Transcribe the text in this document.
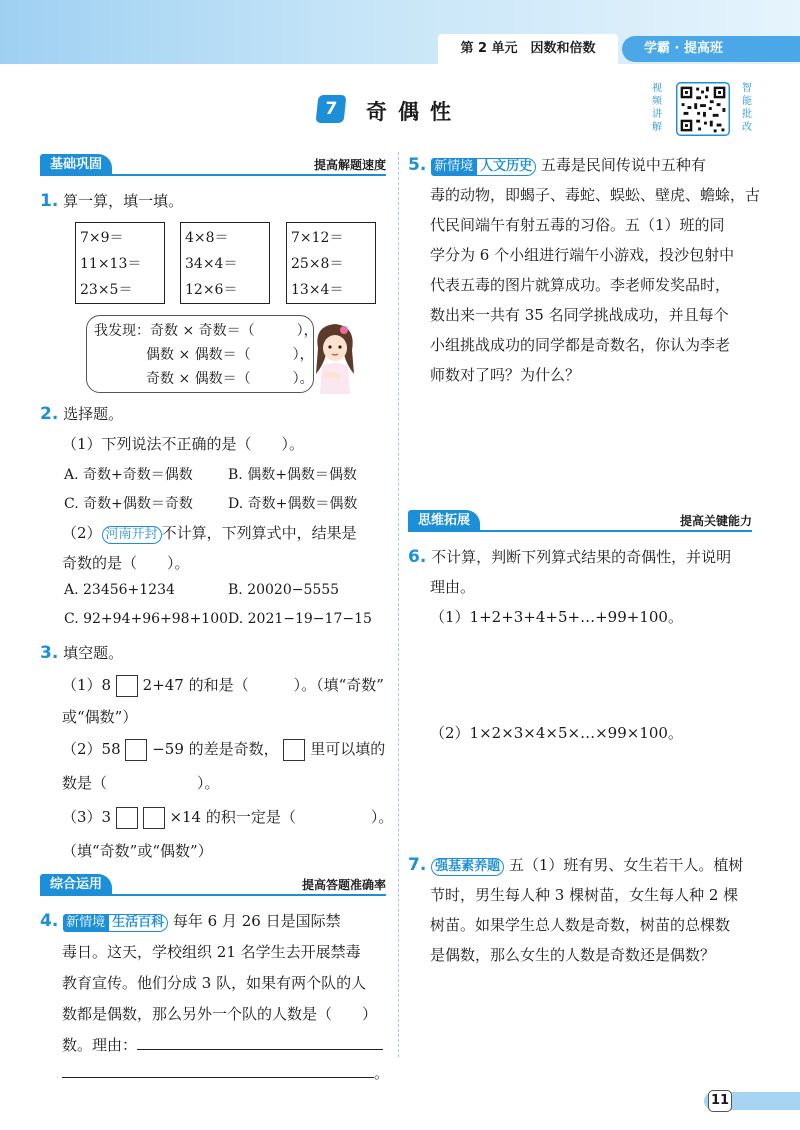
第 2 单元　因数和倍数	学霸 · 提高班
7	奇偶性
视频讲解
智能批改
基础巩固	提高解题速度
1. 算一算，填一填。
7×9＝
11×13＝
23×5＝
4×8＝
34×4＝
12×6＝
7×12＝
25×8＝
13×4＝
我发现：奇数 × 奇数＝（　　　），
偶数 × 偶数＝（　　　），
奇数 × 偶数＝（　　　）。
2. 选择题。
（1）下列说法不正确的是（　　）。
A. 奇数+奇数＝偶数	B. 偶数+偶数＝偶数
C. 奇数+偶数＝奇数	D. 奇数+偶数＝偶数
（2） 河南开封 不计算，下列算式中，结果是
奇数的是（　　）。
A. 23456+1234	B. 20020−5555
C. 92+94+96+98+100 D. 2021−19−17−15
3. 填空题。
（1）8 2+47 的和是（　　　）。（填“奇数”
或“偶数”）
（2）58 −59 的差是奇数， 里可以填的
数是（　　　　　　）。
（3）3	×14 的积一定是（　　　　　）。
（填“奇数”或“偶数”）
综合运用	提高答题准确率
4. 新情境 生活百科 每年 6 月 26 日是国际禁
毒日。这天，学校组织 21 名学生去开展禁毒
教育宣传。他们分成 3 队，如果有两个队的人
数都是偶数，那么另外一个队的人数是（　　）
数。理由：
。
5. 新情境 人文历史 五毒是民间传说中五种有
毒的动物，即蝎子、毒蛇、蜈蚣、壁虎、蟾蜍，古
代民间端午有射五毒的习俗。五（1）班的同
学分为 6 个小组进行端午小游戏，投沙包射中
代表五毒的图片就算成功。李老师发奖品时，
数出来一共有 35 名同学挑战成功，并且每个
小组挑战成功的同学都是奇数名，你认为李老
师数对了吗？为什么？
思维拓展	提高关键能力
6. 不计算，判断下列算式结果的奇偶性，并说明
理由。
（1）1+2+3+4+5+…+99+100。
（2）1×2×3×4×5×…×99×100。
7. 强基素养题 五（1）班有男、女生若干人。植树
节时，男生每人种 3 棵树苗，女生每人种 2 棵
树苗。如果学生总人数是奇数，树苗的总棵数
是偶数，那么女生的人数是奇数还是偶数？
11
